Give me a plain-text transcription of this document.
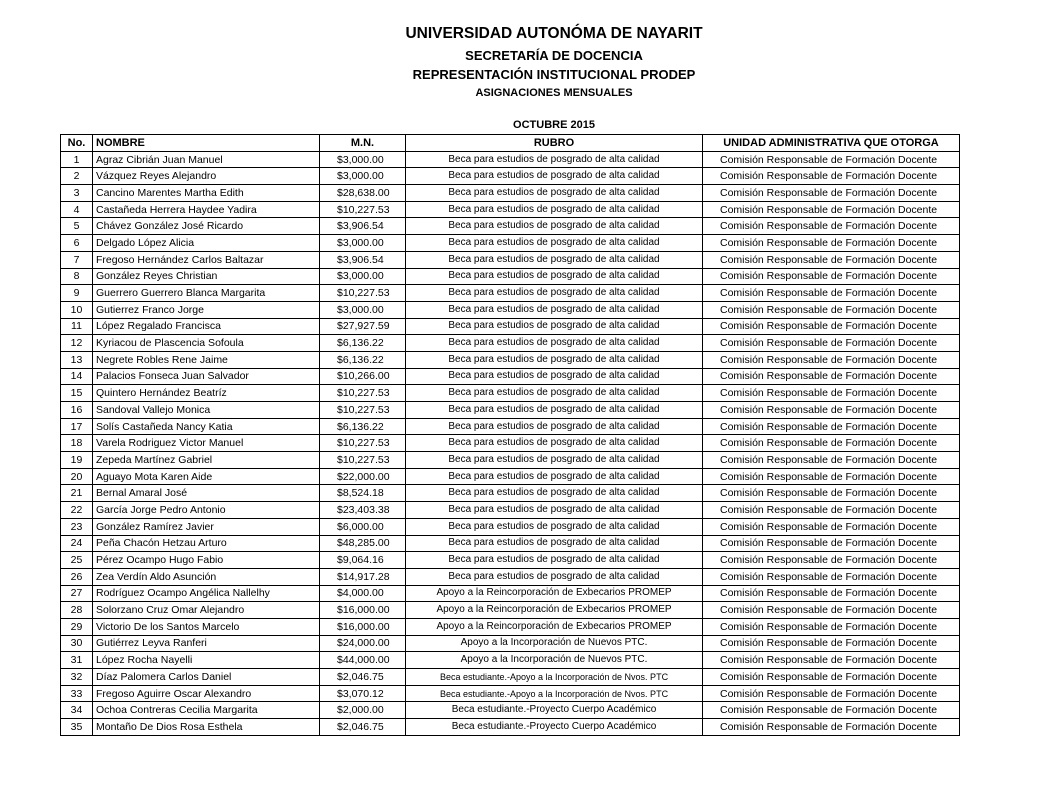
UNIVERSIDAD AUTONÓMA DE NAYARIT
SECRETARÍA DE DOCENCIA
REPRESENTACIÓN INSTITUCIONAL PRODEP
ASIGNACIONES MENSUALES
OCTUBRE 2015
No.	NOMBRE	M.N.	RUBRO	UNIDAD ADMINISTRATIVA QUE OTORGA
1	Agraz Cibrián Juan Manuel	$3,000.00	Beca para estudios de posgrado de alta calidad	Comisión Responsable de Formación Docente
2	Vázquez Reyes Alejandro	$3,000.00	Beca para estudios de posgrado de alta calidad	Comisión Responsable de Formación Docente
3	Cancino Marentes Martha Edith	$28,638.00	Beca para estudios de posgrado de alta calidad	Comisión Responsable de Formación Docente
4	Castañeda Herrera Haydee Yadira	$10,227.53	Beca para estudios de posgrado de alta calidad	Comisión Responsable de Formación Docente
5	Chávez González José Ricardo	$3,906.54	Beca para estudios de posgrado de alta calidad	Comisión Responsable de Formación Docente
6	Delgado López Alicia	$3,000.00	Beca para estudios de posgrado de alta calidad	Comisión Responsable de Formación Docente
7	Fregoso Hernández Carlos Baltazar	$3,906.54	Beca para estudios de posgrado de alta calidad	Comisión Responsable de Formación Docente
8	González Reyes Christian	$3,000.00	Beca para estudios de posgrado de alta calidad	Comisión Responsable de Formación Docente
9	Guerrero Guerrero Blanca Margarita	$10,227.53	Beca para estudios de posgrado de alta calidad	Comisión Responsable de Formación Docente
10	Gutierrez Franco Jorge	$3,000.00	Beca para estudios de posgrado de alta calidad	Comisión Responsable de Formación Docente
11	López Regalado Francisca	$27,927.59	Beca para estudios de posgrado de alta calidad	Comisión Responsable de Formación Docente
12	Kyriacou de Plascencia Sofoula	$6,136.22	Beca para estudios de posgrado de alta calidad	Comisión Responsable de Formación Docente
13	Negrete Robles Rene Jaime	$6,136.22	Beca para estudios de posgrado de alta calidad	Comisión Responsable de Formación Docente
14	Palacios Fonseca Juan Salvador	$10,266.00	Beca para estudios de posgrado de alta calidad	Comisión Responsable de Formación Docente
15	Quintero Hernández Beatríz	$10,227.53	Beca para estudios de posgrado de alta calidad	Comisión Responsable de Formación Docente
16	Sandoval Vallejo Monica	$10,227.53	Beca para estudios de posgrado de alta calidad	Comisión Responsable de Formación Docente
17	Solís Castañeda Nancy Katia	$6,136.22	Beca para estudios de posgrado de alta calidad	Comisión Responsable de Formación Docente
18	Varela Rodriguez Victor Manuel	$10,227.53	Beca para estudios de posgrado de alta calidad	Comisión Responsable de Formación Docente
19	Zepeda Martínez Gabriel	$10,227.53	Beca para estudios de posgrado de alta calidad	Comisión Responsable de Formación Docente
20	Aguayo Mota Karen Aide	$22,000.00	Beca para estudios de posgrado de alta calidad	Comisión Responsable de Formación Docente
21	Bernal Amaral José	$8,524.18	Beca para estudios de posgrado de alta calidad	Comisión Responsable de Formación Docente
22	García Jorge Pedro Antonio	$23,403.38	Beca para estudios de posgrado de alta calidad	Comisión Responsable de Formación Docente
23	González Ramírez Javier	$6,000.00	Beca para estudios de posgrado de alta calidad	Comisión Responsable de Formación Docente
24	Peña Chacón Hetzau Arturo	$48,285.00	Beca para estudios de posgrado de alta calidad	Comisión Responsable de Formación Docente
25	Pérez Ocampo Hugo Fabio	$9,064.16	Beca para estudios de posgrado de alta calidad	Comisión Responsable de Formación Docente
26	Zea Verdín Aldo Asunción	$14,917.28	Beca para estudios de posgrado de alta calidad	Comisión Responsable de Formación Docente
27	Rodríguez Ocampo Angélica Nallelhy	$4,000.00	Apoyo a la Reincorporación de Exbecarios PROMEP	Comisión Responsable de Formación Docente
28	Solorzano Cruz Omar Alejandro	$16,000.00	Apoyo a la Reincorporación de Exbecarios PROMEP	Comisión Responsable de Formación Docente
29	Victorio De los Santos Marcelo	$16,000.00	Apoyo a la Reincorporación de Exbecarios PROMEP	Comisión Responsable de Formación Docente
30	Gutiérrez Leyva Ranferi	$24,000.00	Apoyo a la Incorporación de Nuevos PTC.	Comisión Responsable de Formación Docente
31	López Rocha Nayelli	$44,000.00	Apoyo a la Incorporación de Nuevos PTC.	Comisión Responsable de Formación Docente
32	Díaz Palomera Carlos Daniel	$2,046.75	Beca estudiante.-Apoyo a la Incorporación de Nvos. PTC	Comisión Responsable de Formación Docente
33	Fregoso Aguirre Oscar Alexandro	$3,070.12	Beca estudiante.-Apoyo a la Incorporación de Nvos. PTC	Comisión Responsable de Formación Docente
34	Ochoa Contreras Cecilia Margarita	$2,000.00	Beca estudiante.-Proyecto Cuerpo Académico	Comisión Responsable de Formación Docente
35	Montaño De Dios Rosa Esthela	$2,046.75	Beca estudiante.-Proyecto Cuerpo Académico	Comisión Responsable de Formación Docente
